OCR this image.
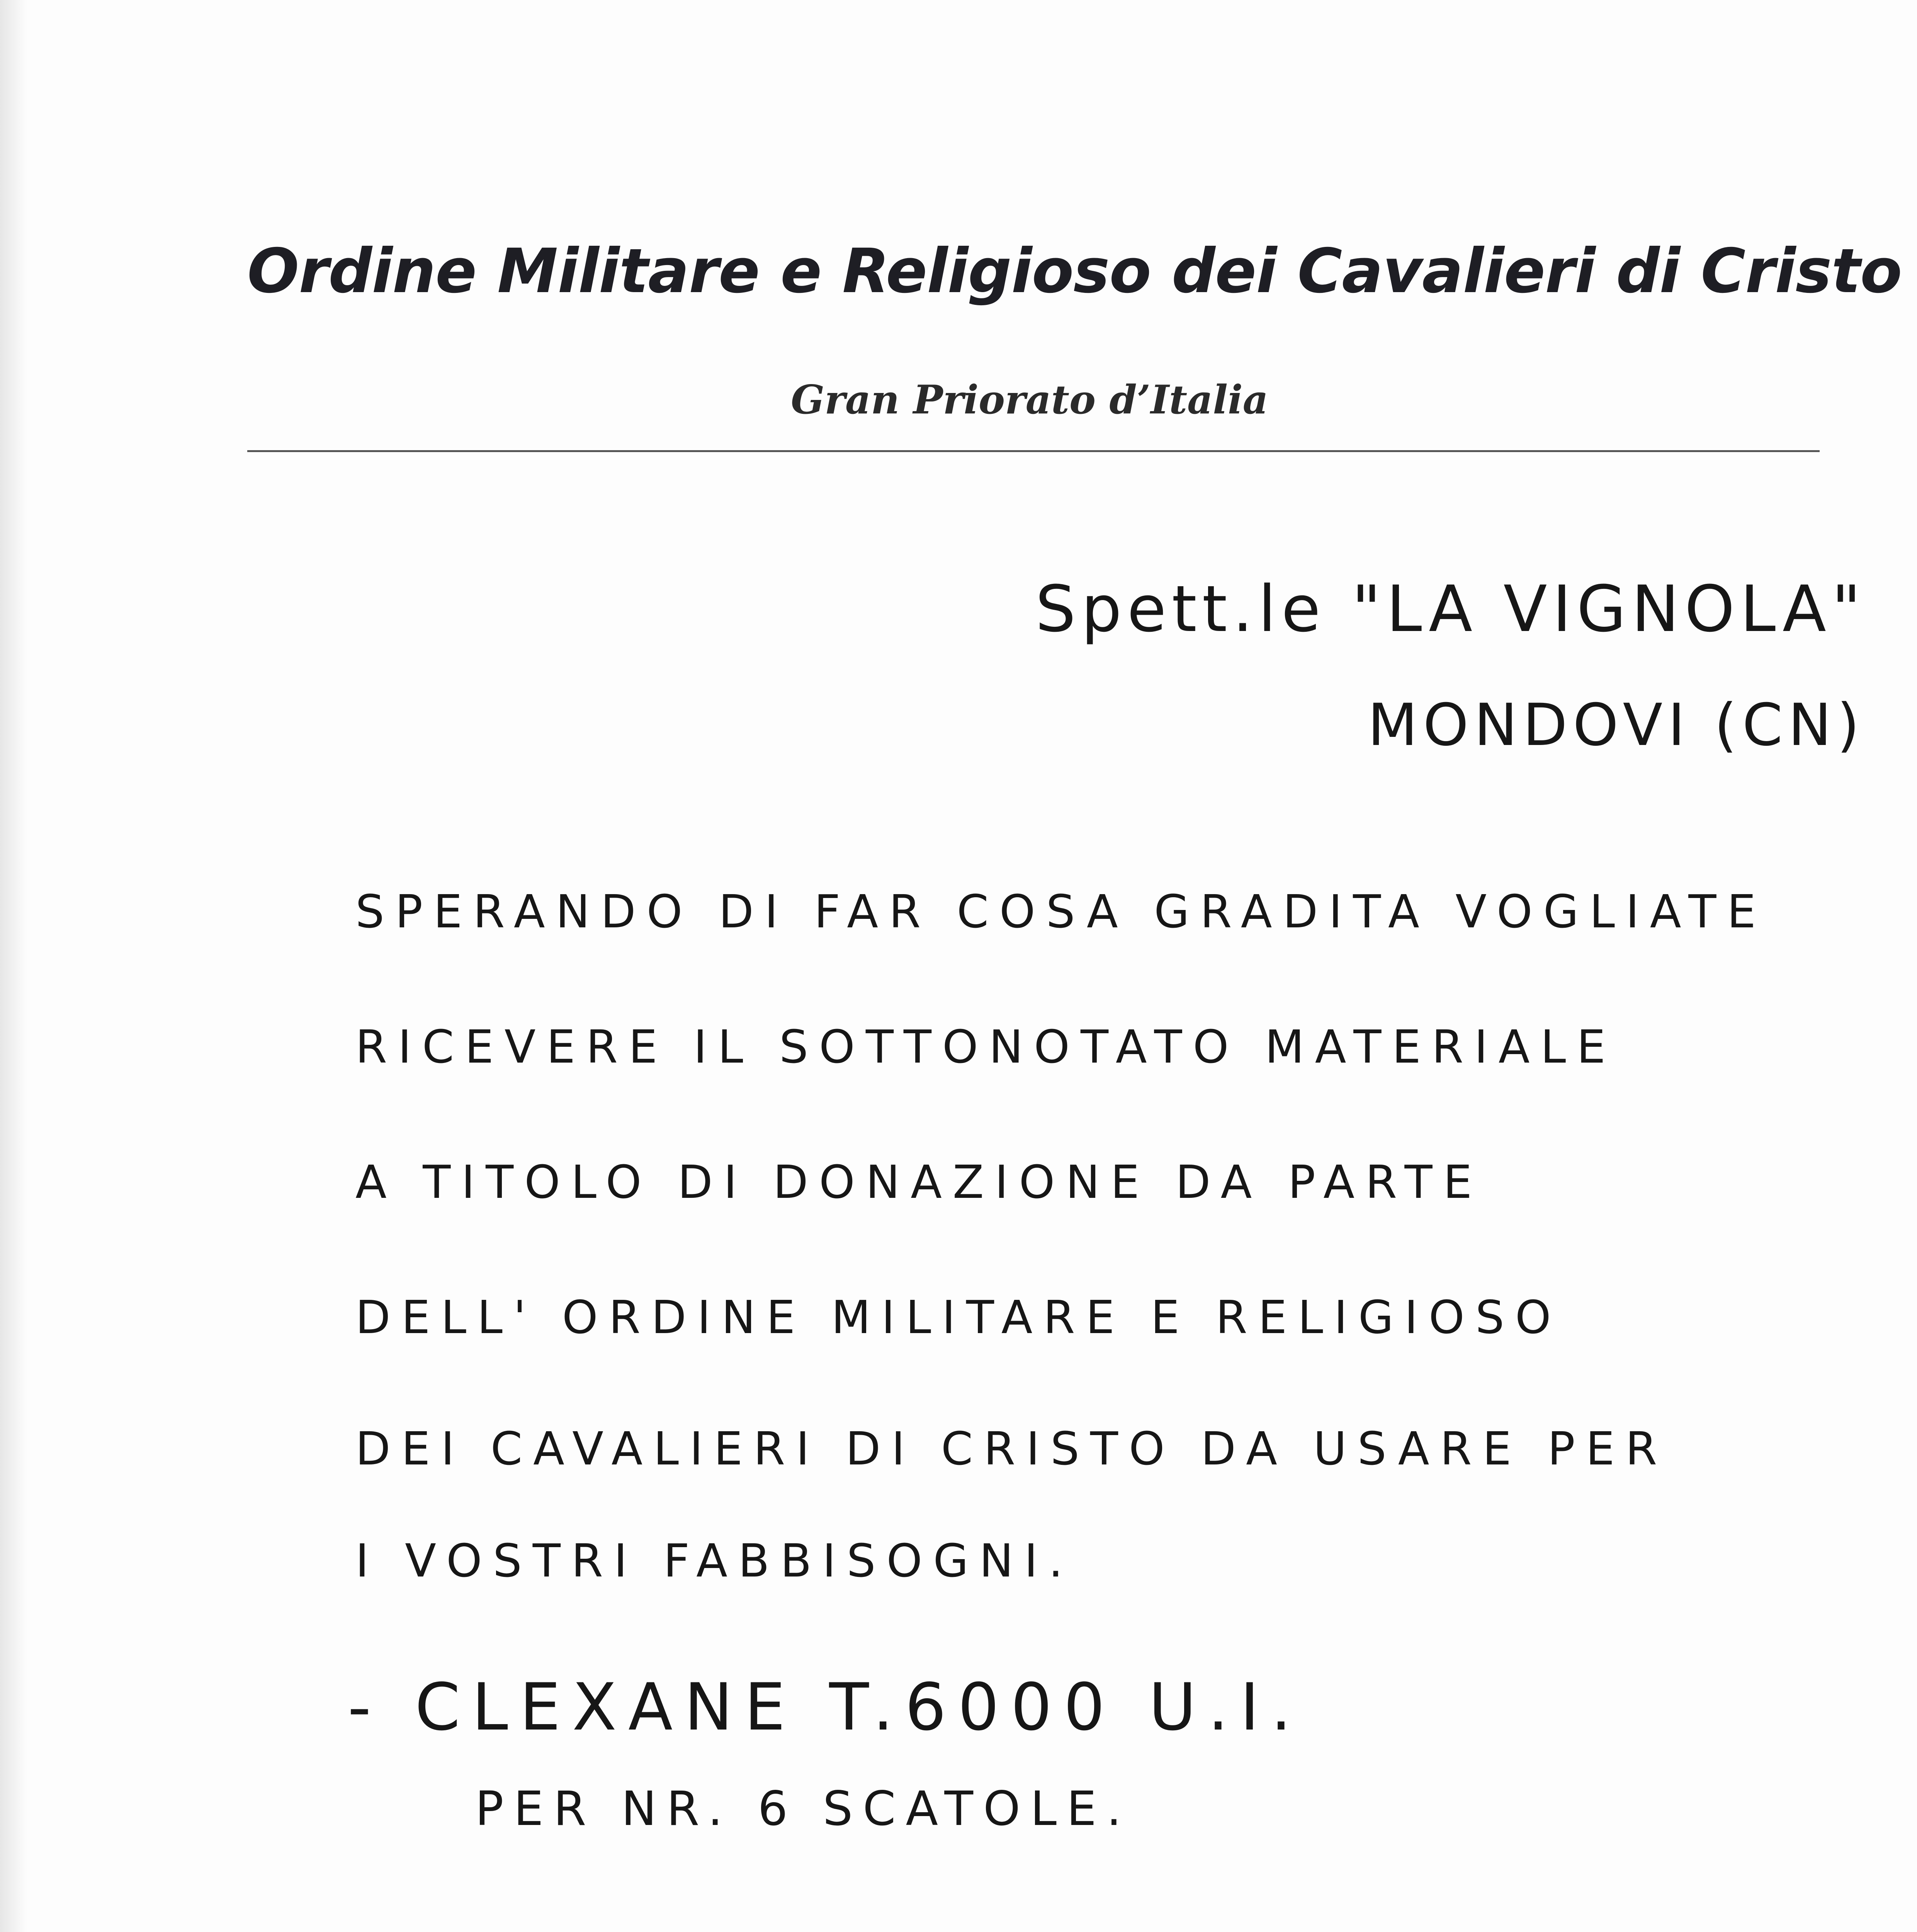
Ordine Militare e Religioso dei Cavalieri di Cristo
Gran Priorato d’Italia
Spett.le "LA VIGNOLA"
MONDOVI (CN)
SPERANDO DI FAR COSA GRADITA VOGLIATE
RICEVERE IL SOTTONOTATO MATERIALE
A TITOLO DI DONAZIONE DA PARTE
DELL' ORDINE MILITARE E RELIGIOSO
DEI CAVALIERI DI CRISTO DA USARE PER
I VOSTRI FABBISOGNI.
- CLEXANE T.6000 U.I.
PER NR. 6 SCATOLE.
